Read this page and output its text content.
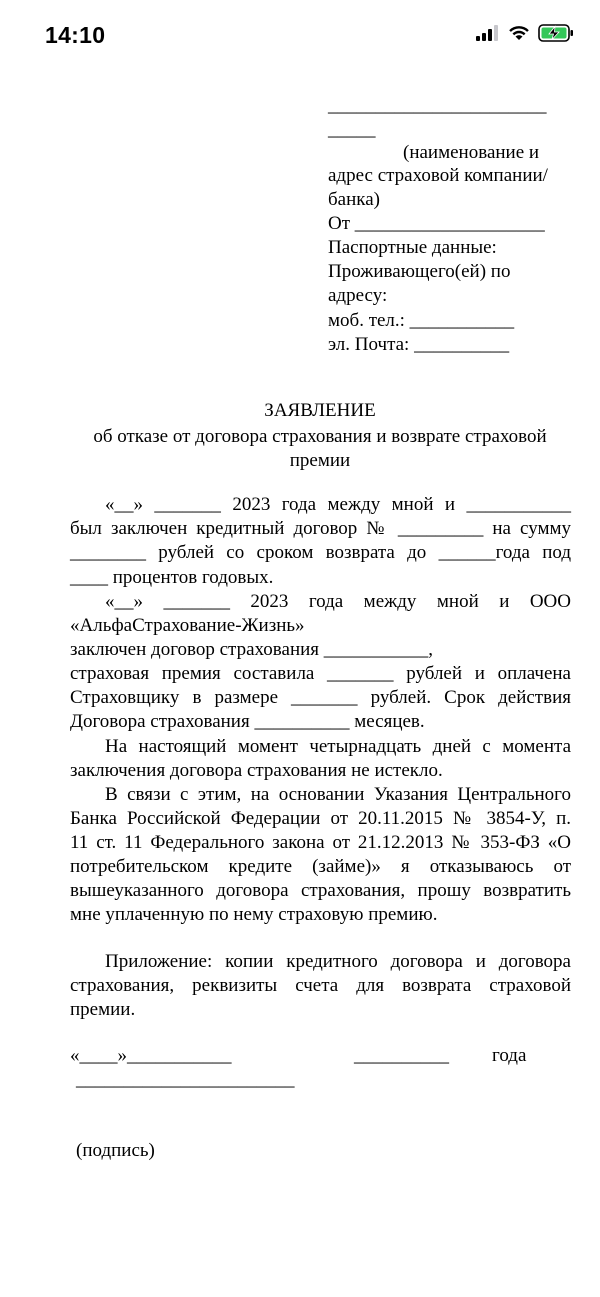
14:10
_______________________
_____
(наименование и
адрес страховой компании/
банка)
От ____________________
Паспортные данные:
Проживающего(ей) по
адресу:
моб. тел.: ___________
эл. Почта: __________
ЗАЯВЛЕНИЕ
об отказе от договора страхования и возврате страховой
премии
«__» _______ 2023 года между мной и ___________
был заключен кредитный договор № _________ на сумму
________ рублей со сроком возврата до ______года под
____ процентов годовых.
«__» _______ 2023 года между мной и ООО
«АльфаСтрахование-Жизнь»
заключен договор страхования ___________,
страховая премия составила _______ рублей и оплачена
Страховщику в размере _______ рублей. Срок действия
Договора страхования __________ месяцев.
На настоящий момент четырнадцать дней с момента
заключения договора страхования не истекло.
В связи с этим, на основании Указания Центрального
Банка Российской Федерации от 20.11.2015 № 3854-У, п.
11 ст. 11 Федерального закона от 21.12.2013 № 353-ФЗ «О
потребительском кредите (займе)» я отказываюсь от
вышеуказанного договора страхования, прошу возвратить
мне уплаченную по нему страховую премию.
Приложение: копии кредитного договора и договора
страхования, реквизиты счета для возврата страховой
премии.
«____»___________	__________ года
_______________________
(подпись)
